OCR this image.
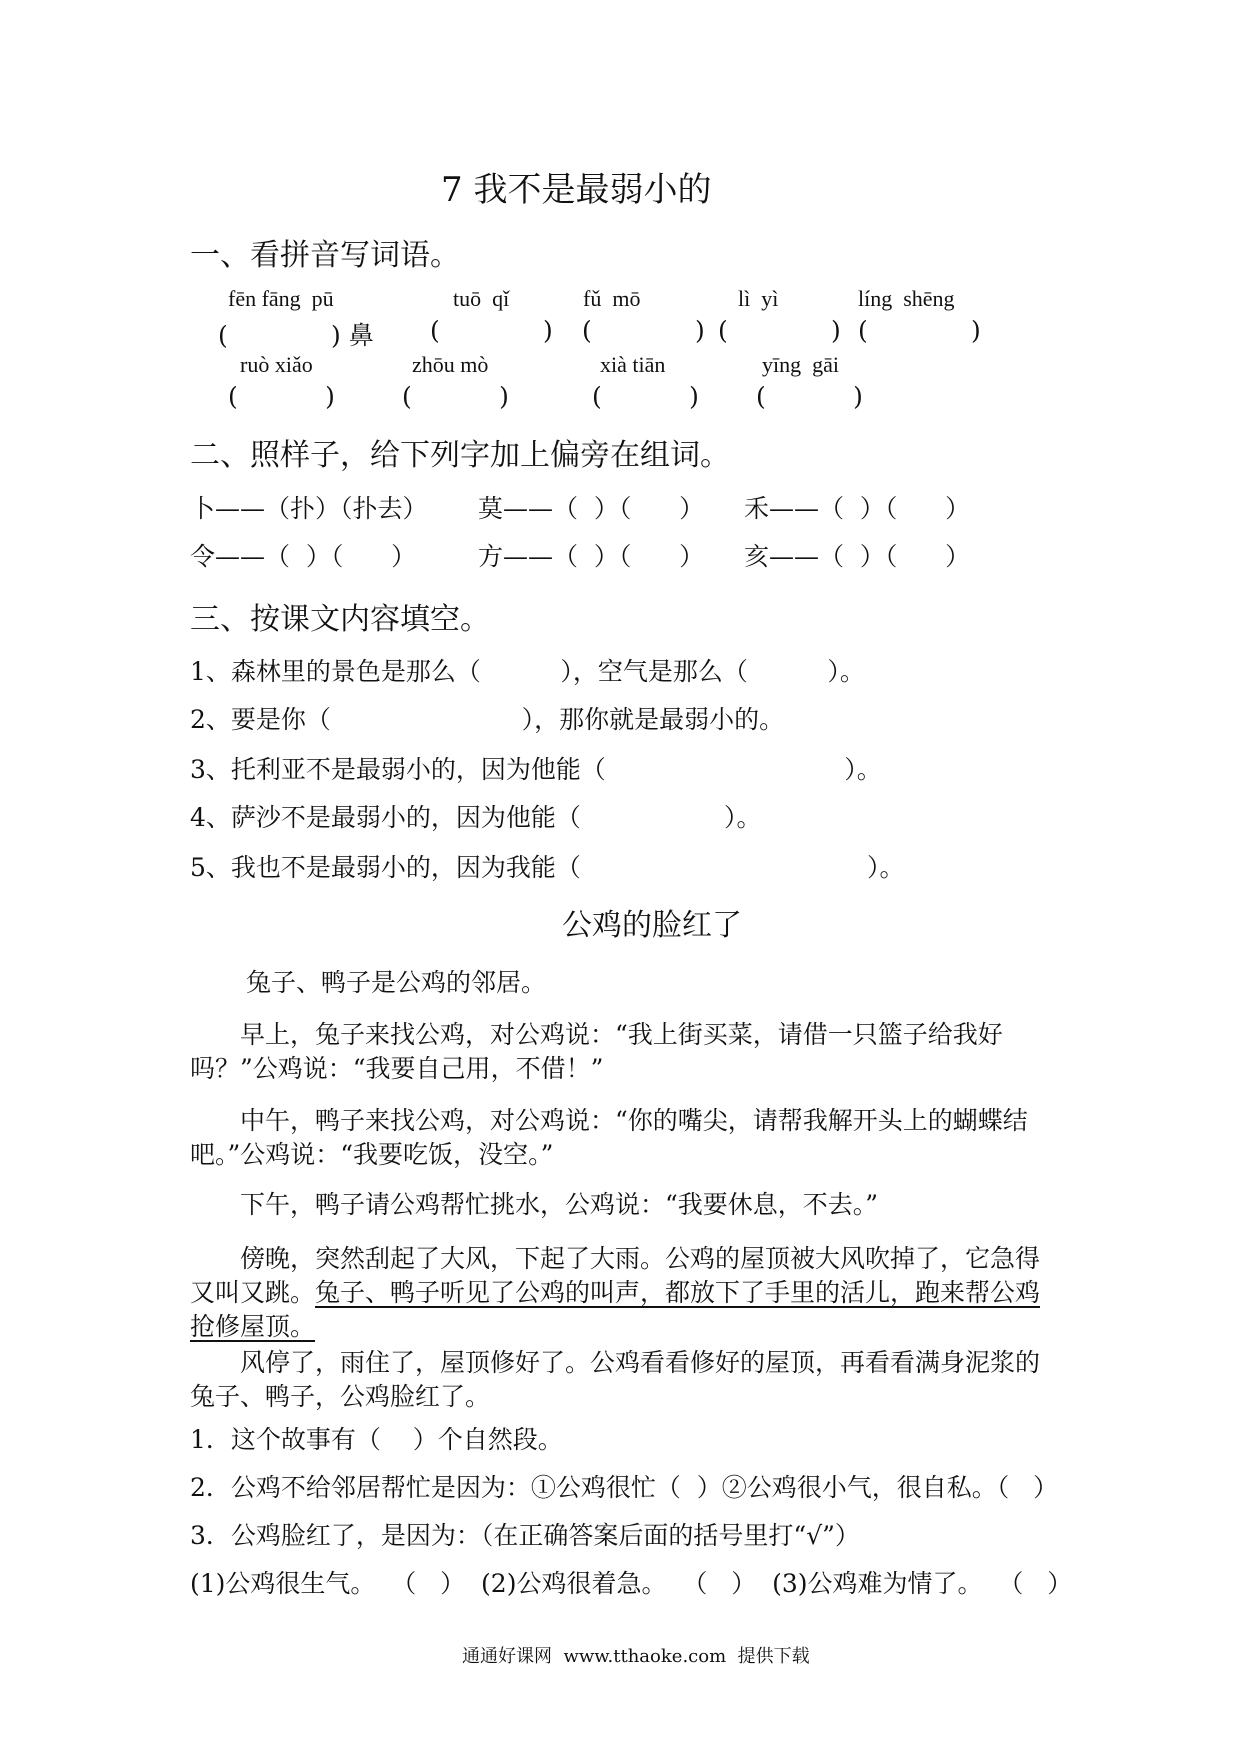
7 我不是最弱小的
一、看拼音写词语。
fēn fāng  pū	tuō  qǐ	fǔ  mō	lì  yì	líng  shēng
(             ) 鼻 (             ) (             ) (             ) (             )
ruò xiǎo	zhōu mò	xià tiān	yīng  gāi
(           )	(           )	(           ) (           )
二、照样子，给下列字加上偏旁在组词。
卜——（扑）（扑去） 莫——（  ）（      ） 禾——（  ）（      ）
令——（  ）（      ） 方——（  ）（      ） 亥——（  ）（      ）
三、按课文内容填空。
1、森林里的景色是那么（          ），空气是那么（          ）。
2、要是你（                        ），那你就是最弱小的。
3、托利亚不是最弱小的，因为他能（                              ）。
4、萨沙不是最弱小的，因为他能（                  ）。
5、我也不是最弱小的，因为我能（                                    ）。
公鸡的脸红了
兔子、鸭子是公鸡的邻居。
早上，兔子来找公鸡，对公鸡说：“我上街买菜，请借一只篮子给我好吗？”公鸡说：“我要自己用，不借！”
中午，鸭子来找公鸡，对公鸡说：“你的嘴尖，请帮我解开头上的蝴蝶结吧。”公鸡说：“我要吃饭，没空。”
下午，鸭子请公鸡帮忙挑水，公鸡说：“我要休息，不去。”
傍晚，突然刮起了大风，下起了大雨。公鸡的屋顶被大风吹掉了，它急得又叫又跳。兔子、鸭子听见了公鸡的叫声，都放下了手里的活儿，跑来帮公鸡抢修屋顶。
风停了，雨住了，屋顶修好了。公鸡看看修好的屋顶，再看看满身泥浆的兔子、鸭子，公鸡脸红了。
1．这个故事有（    ）个自然段。
2．公鸡不给邻居帮忙是因为：①公鸡很忙（  ）②公鸡很小气，很自私。（   ）
3．公鸡脸红了，是因为：（在正确答案后面的括号里打“√”）
(1)公鸡很生气。  （   ）  (2)公鸡很着急。  （   ）  (3)公鸡难为情了。  （   ）
通通好课网  www.tthaoke.com  提供下载
